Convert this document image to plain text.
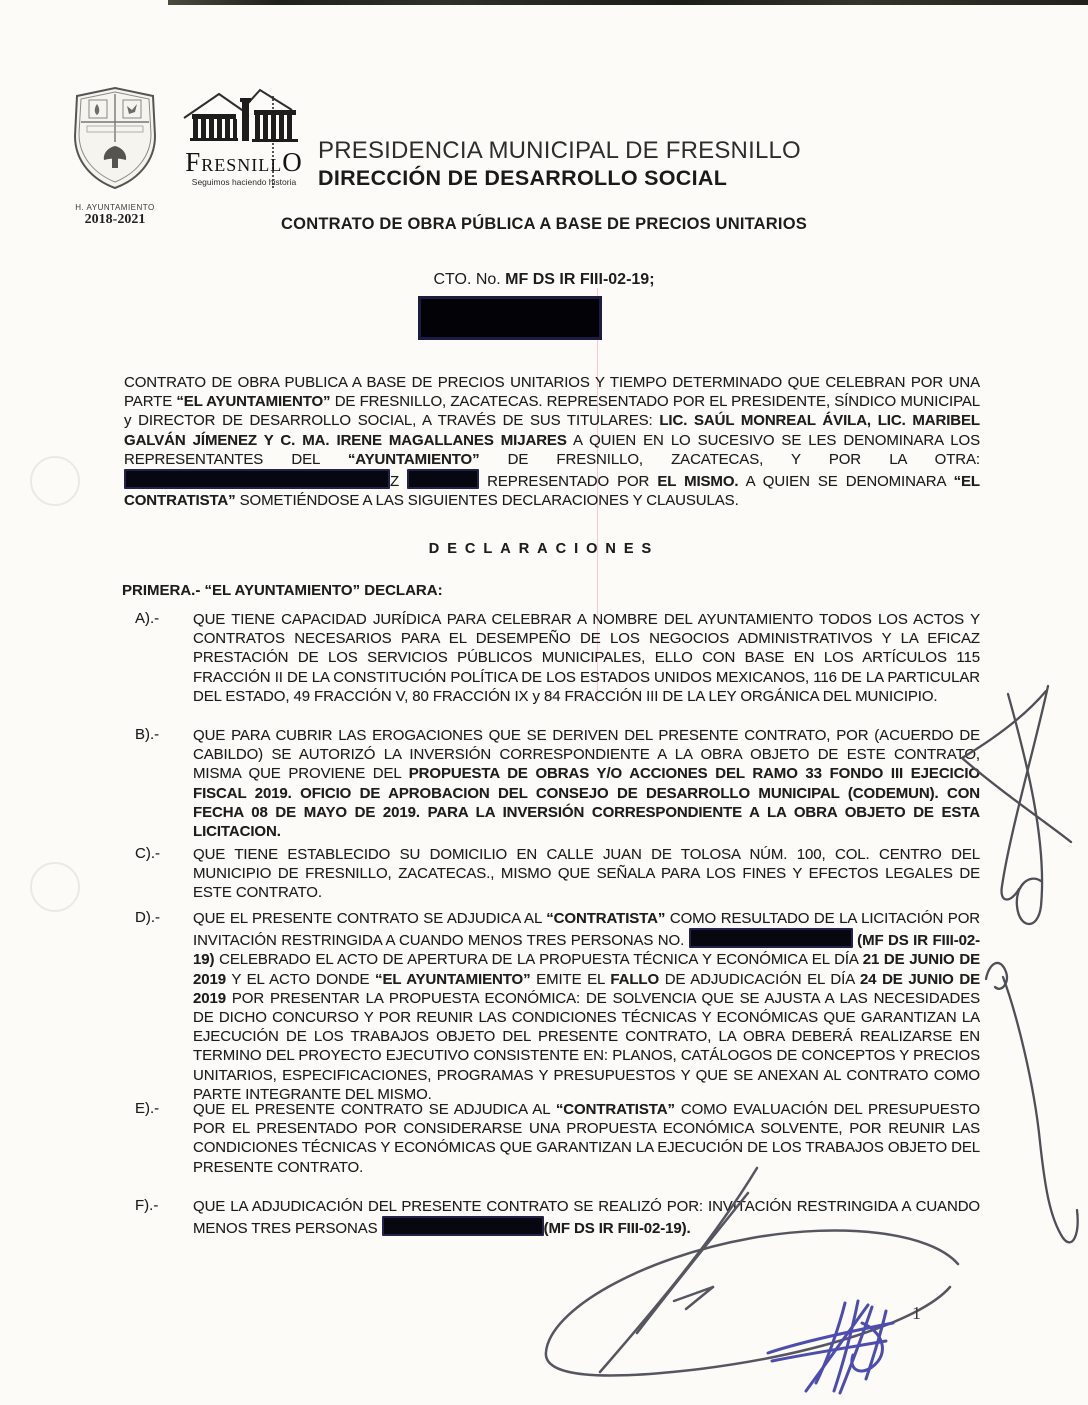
H. AYUNTAMIENTO
2018-2021
FRESNILLO
Seguimos haciendo historia
PRESIDENCIA MUNICIPAL DE FRESNILLO
DIRECCIÓN DE DESARROLLO SOCIAL
CONTRATO DE OBRA PÚBLICA A BASE DE PRECIOS UNITARIOS
CTO. No. MF DS IR FIII-02-19;
CONTRATO DE OBRA PUBLICA A BASE DE PRECIOS UNITARIOS Y TIEMPO DETERMINADO QUE CELEBRAN POR UNA PARTE “EL AYUNTAMIENTO” DE FRESNILLO, ZACATECAS. REPRESENTADO POR EL PRESIDENTE, SÍNDICO MUNICIPAL y DIRECTOR DE DESARROLLO SOCIAL, A TRAVÉS DE SUS TITULARES: LIC. SAÚL MONREAL ÁVILA, LIC. MARIBEL GALVÁN JÍMENEZ Y C. MA. IRENE MAGALLANES MIJARES A QUIEN EN LO SUCESIVO SE LES DENOMINARA LOS REPRESENTANTES DEL “AYUNTAMIENTO” DE FRESNILLO, ZACATECAS, Y POR LA OTRA: Z	REPRESENTADO POR EL MISMO. A QUIEN SE DENOMINARA “EL CONTRATISTA” SOMETIÉNDOSE A LAS SIGUIENTES DECLARACIONES Y CLAUSULAS.
DECLARACIONES
PRIMERA.- “EL AYUNTAMIENTO” DECLARA:
A).- QUE TIENE CAPACIDAD JURÍDICA PARA CELEBRAR A NOMBRE DEL AYUNTAMIENTO TODOS LOS ACTOS Y CONTRATOS NECESARIOS PARA EL DESEMPEÑO DE LOS NEGOCIOS ADMINISTRATIVOS Y LA EFICAZ PRESTACIÓN DE LOS SERVICIOS PÚBLICOS MUNICIPALES, ELLO CON BASE EN LOS ARTÍCULOS 115 FRACCIÓN II DE LA CONSTITUCIÓN POLÍTICA DE LOS ESTADOS UNIDOS MEXICANOS, 116 DE LA PARTICULAR DEL ESTADO, 49 FRACCIÓN V, 80 FRACCIÓN IX y 84 FRACCIÓN III DE LA LEY ORGÁNICA DEL MUNICIPIO.
B).- QUE PARA CUBRIR LAS EROGACIONES QUE SE DERIVEN DEL PRESENTE CONTRATO, POR (ACUERDO DE CABILDO) SE AUTORIZÓ LA INVERSIÓN CORRESPONDIENTE A LA OBRA OBJETO DE ESTE CONTRATO, MISMA QUE PROVIENE DEL PROPUESTA DE OBRAS Y/O ACCIONES DEL RAMO 33 FONDO III EJECICIO FISCAL 2019. OFICIO DE APROBACION DEL CONSEJO DE DESARROLLO MUNICIPAL (CODEMUN). CON FECHA 08 DE MAYO DE 2019. PARA LA INVERSIÓN CORRESPONDIENTE A LA OBRA OBJETO DE ESTA LICITACION.
C).- QUE TIENE ESTABLECIDO SU DOMICILIO EN CALLE JUAN DE TOLOSA NÚM. 100, COL. CENTRO DEL MUNICIPIO DE FRESNILLO, ZACATECAS., MISMO QUE SEÑALA PARA LOS FINES Y EFECTOS LEGALES DE ESTE CONTRATO.
D).- QUE EL PRESENTE CONTRATO SE ADJUDICA AL “CONTRATISTA” COMO RESULTADO DE LA LICITACIÓN POR INVITACIÓN RESTRINGIDA A CUANDO MENOS TRES PERSONAS NO.	(MF DS IR FIII-02-19) CELEBRADO EL ACTO DE APERTURA DE LA PROPUESTA TÉCNICA Y ECONÓMICA EL DÍA 21 DE JUNIO DE 2019 Y EL ACTO DONDE “EL AYUNTAMIENTO” EMITE EL FALLO DE ADJUDICACIÓN EL DÍA 24 DE JUNIO DE 2019 POR PRESENTAR LA PROPUESTA ECONÓMICA: DE SOLVENCIA QUE SE AJUSTA A LAS NECESIDADES DE DICHO CONCURSO Y POR REUNIR LAS CONDICIONES TÉCNICAS Y ECONÓMICAS QUE GARANTIZAN LA EJECUCIÓN DE LOS TRABAJOS OBJETO DEL PRESENTE CONTRATO, LA OBRA DEBERÁ REALIZARSE EN TERMINO DEL PROYECTO EJECUTIVO CONSISTENTE EN: PLANOS, CATÁLOGOS DE CONCEPTOS Y PRECIOS UNITARIOS, ESPECIFICACIONES, PROGRAMAS Y PRESUPUESTOS Y QUE SE ANEXAN AL CONTRATO COMO PARTE INTEGRANTE DEL MISMO.
E).- QUE EL PRESENTE CONTRATO SE ADJUDICA AL “CONTRATISTA” COMO EVALUACIÓN DEL PRESUPUESTO POR EL PRESENTADO POR CONSIDERARSE UNA PROPUESTA ECONÓMICA SOLVENTE, POR REUNIR LAS CONDICIONES TÉCNICAS Y ECONÓMICAS QUE GARANTIZAN LA EJECUCIÓN DE LOS TRABAJOS OBJETO DEL PRESENTE CONTRATO.
F).- QUE LA ADJUDICACIÓN DEL PRESENTE CONTRATO SE REALIZÓ POR: INVITACIÓN RESTRINGIDA A CUANDO MENOS TRES PERSONAS	(MF DS IR FIII-02-19).
1
